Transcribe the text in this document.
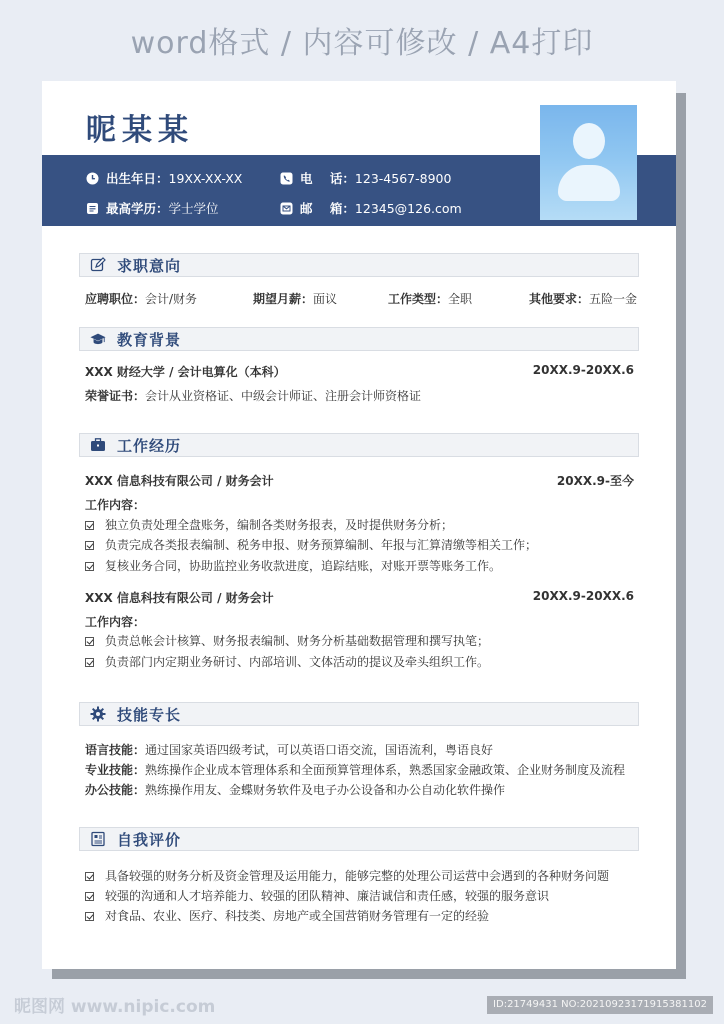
word格式 / 内容可修改 / A4打印
昵某某
出生年日： 19XX-XX-XX
最高学历： 学士学位
电    话： 123-4567-8900
邮    箱： 12345@126.com
求职意向
应聘职位：会计/财务	期望月薪：面议	工作类型：全职	其他要求：五险一金
教育背景
XXX 财经大学 / 会计电算化（本科）	20XX.9-20XX.6
荣誉证书：会计从业资格证、中级会计师证、注册会计师资格证
工作经历
XXX 信息科技有限公司 / 财务会计	20XX.9-至今
工作内容：
独立负责处理全盘账务，编制各类财务报表，及时提供财务分析；
负责完成各类报表编制、税务申报、财务预算编制、年报与汇算清缴等相关工作；
复核业务合同，协助监控业务收款进度，追踪结账，对账开票等账务工作。
XXX 信息科技有限公司 / 财务会计	20XX.9-20XX.6
工作内容：
负责总帐会计核算、财务报表编制、财务分析基础数据管理和撰写执笔；
负责部门内定期业务研讨、内部培训、文体活动的提议及牵头组织工作。
技能专长
语言技能：通过国家英语四级考试，可以英语口语交流，国语流利，粤语良好
专业技能：熟练操作企业成本管理体系和全面预算管理体系，熟悉国家金融政策、企业财务制度及流程
办公技能：熟练操作用友、金蝶财务软件及电子办公设备和办公自动化软件操作
自我评价
具备较强的财务分析及资金管理及运用能力，能够完整的处理公司运营中会遇到的各种财务问题
较强的沟通和人才培养能力、较强的团队精神、廉洁诚信和责任感，较强的服务意识
对食品、农业、医疗、科技类、房地产或全国营销财务管理有一定的经验
昵图网 www.nipic.com	ID:21749431 NO:20210923171915381102
